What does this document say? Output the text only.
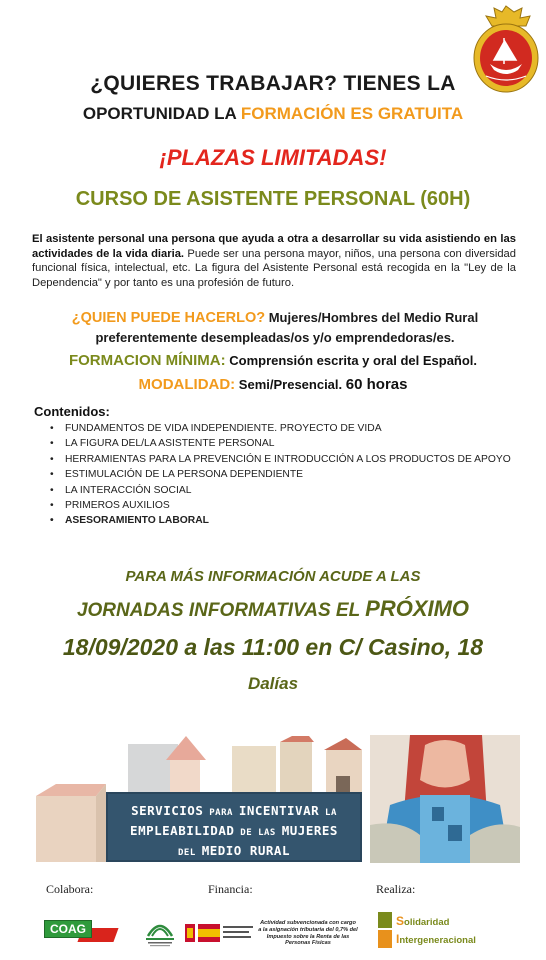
¿QUIERES TRABAJAR? TIENES LA
OPORTUNIDAD LA FORMACIÓN ES GRATUITA
¡PLAZAS LIMITADAS!
CURSO DE ASISTENTE PERSONAL (60H)

El asistente personal una persona que ayuda a otra a desarrollar su vida asistiendo en las actividades de la vida diaria. Puede ser una persona mayor, niños, una persona con diversidad funcional física, intelectual, etc. La figura del Asistente Personal está recogida en la "Ley de la Dependencia" y por tanto es una profesión de futuro.

¿QUIEN PUEDE HACERLO? Mujeres/Hombres del Medio Rural
preferentemente desempleadas/os y/o emprendedoras/es.
FORMACION MÍNIMA: Comprensión escrita y oral del Español.
MODALIDAD: Semi/Presencial. 60 horas
Contenidos:
• FUNDAMENTOS DE VIDA INDEPENDIENTE. PROYECTO DE VIDA
• LA FIGURA DEL/LA ASISTENTE PERSONAL
• HERRAMIENTAS PARA LA PREVENCIÓN E INTRODUCCIÓN A LOS PRODUCTOS DE APOYO
• ESTIMULACIÓN DE LA PERSONA DEPENDIENTE
• LA INTERACCIÓN SOCIAL
• PRIMEROS AUXILIOS
• ASESORAMIENTO LABORAL
PARA MÁS INFORMACIÓN ACUDE A LAS
JORNADAS INFORMATIVAS EL PRÓXIMO
18/09/2020 a las 11:00 en C/ Casino, 18
Dalías
SERVICIOS PARA INCENTIVAR LA
EMPLEABILIDAD DE LAS MUJERES
DEL MEDIO RURAL
Colabora:	Financia:	Realiza:
COAG	Actividad subvencionada con cargo a la asignación tributaria del 0,7% del Impuesto sobre la Renta de las Personas Físicas
Solidaridad
Intergeneracional
